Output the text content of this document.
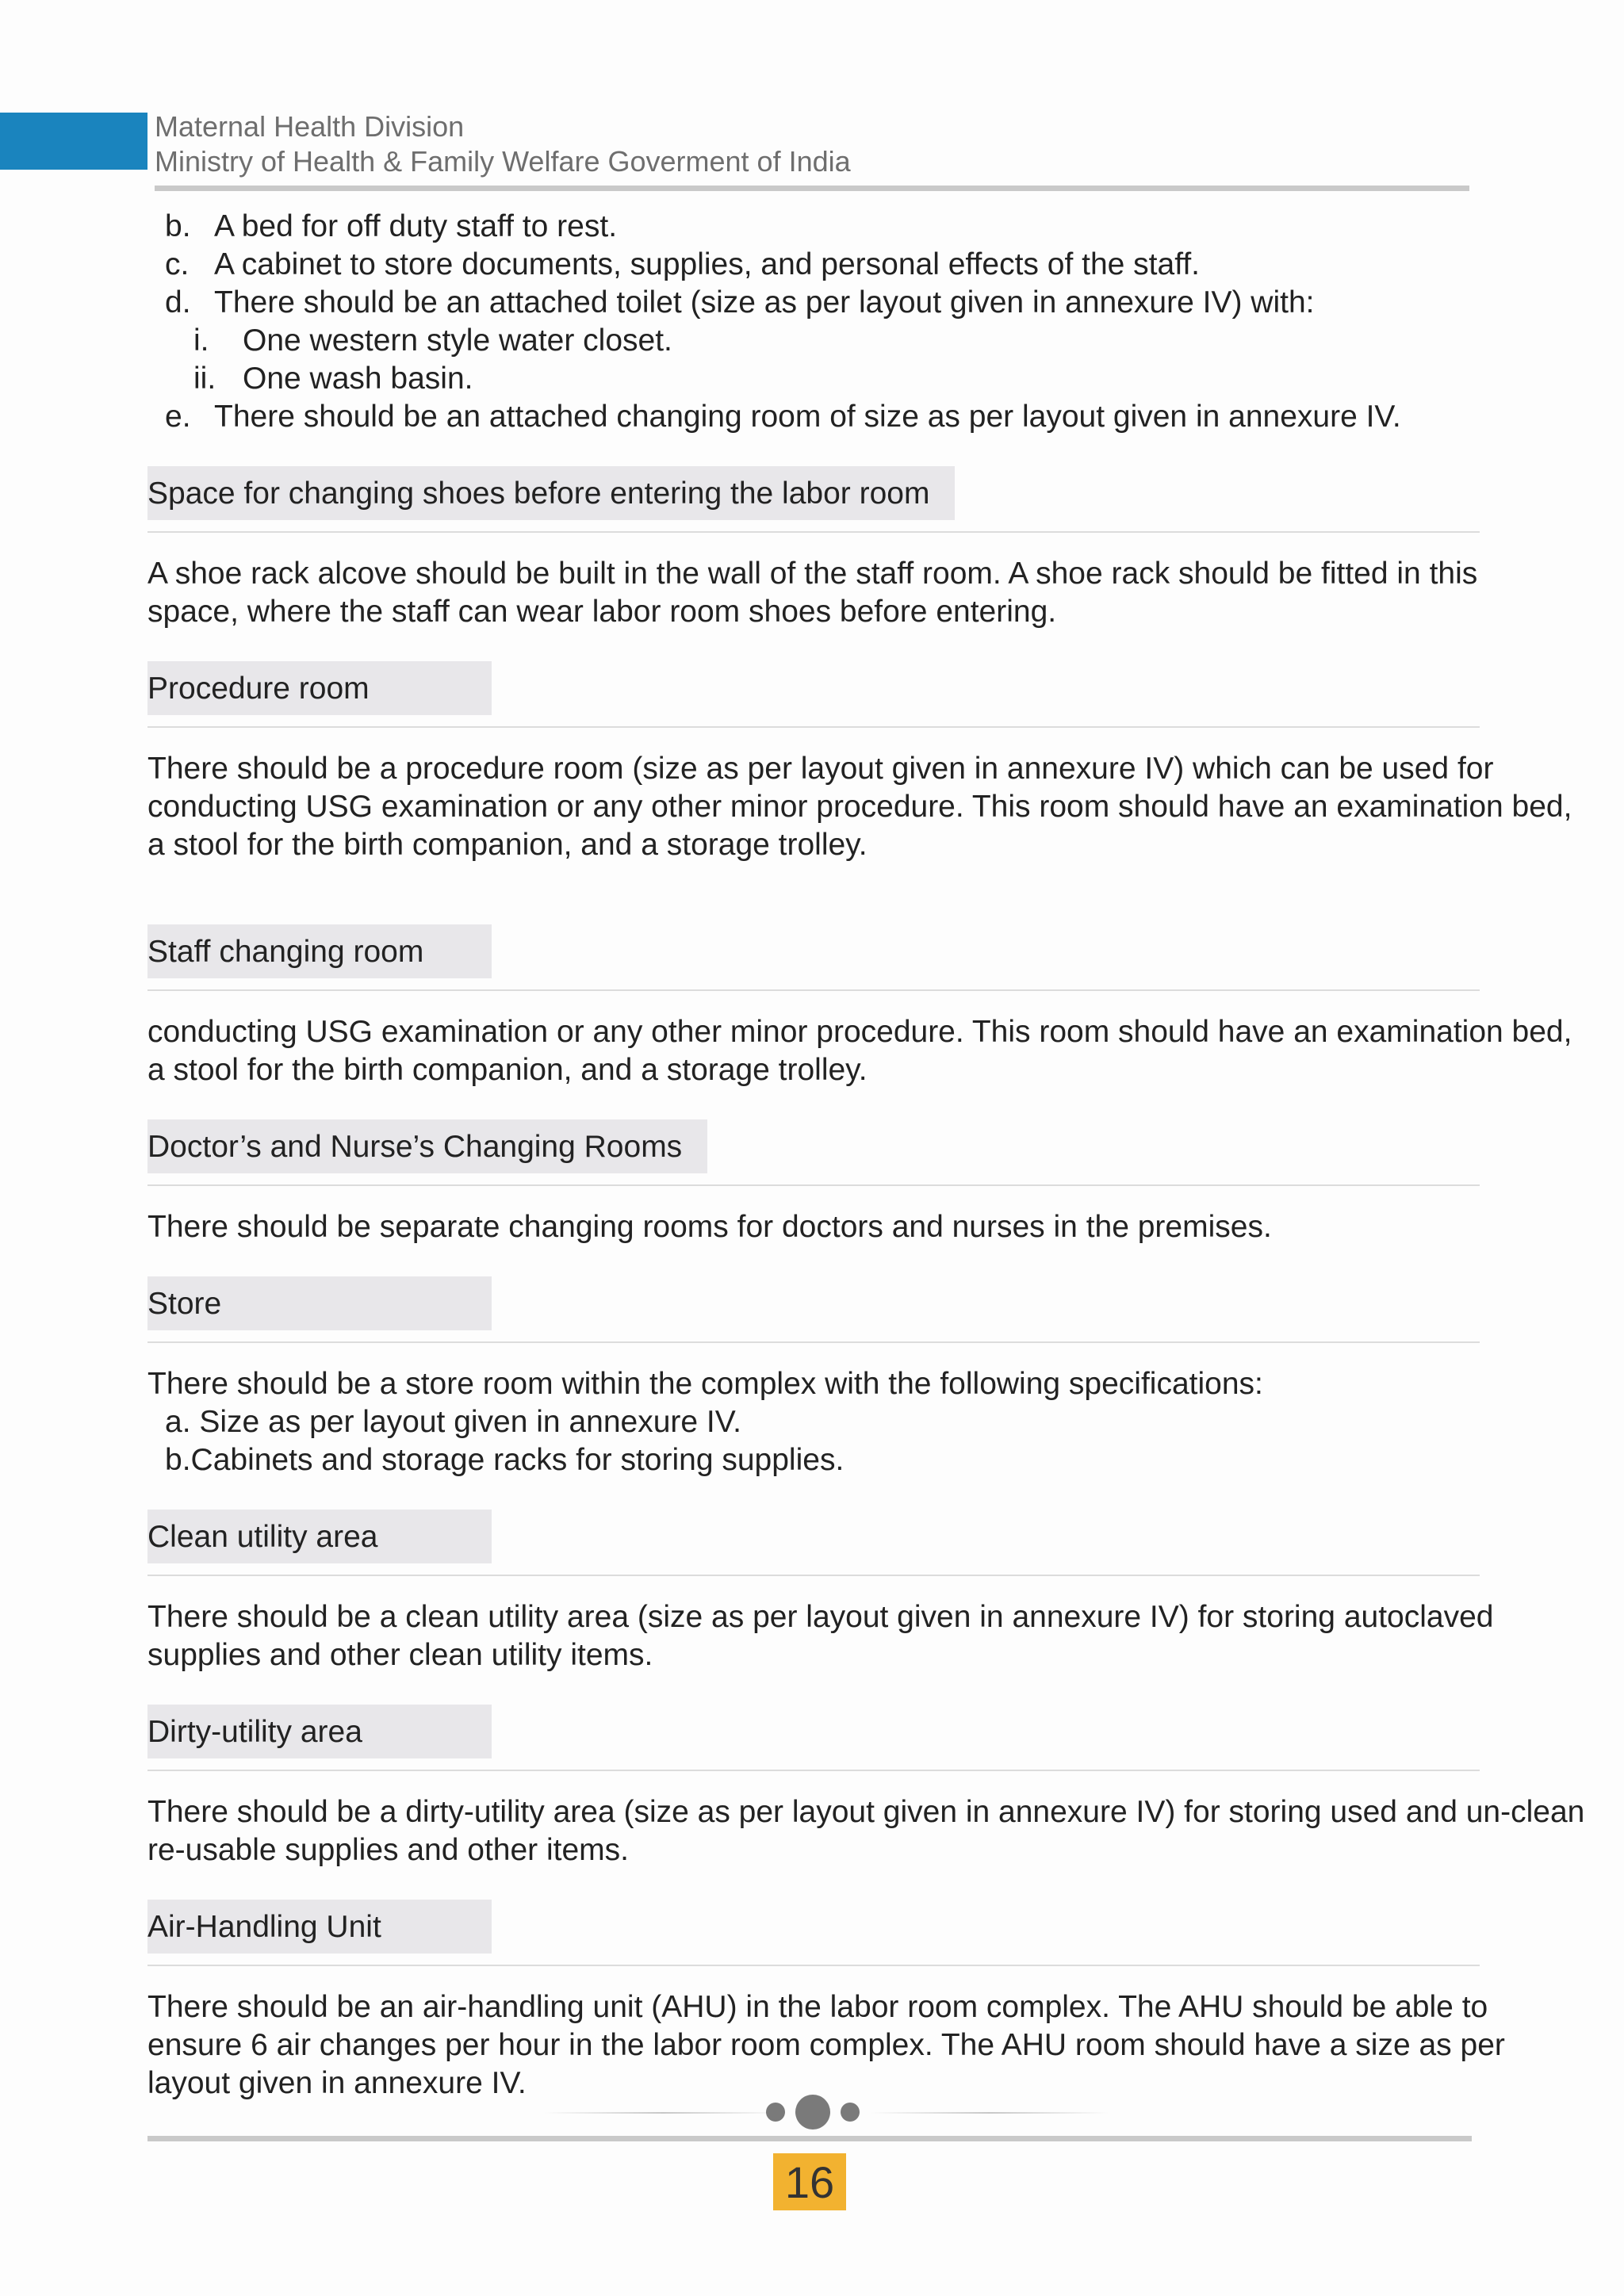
Maternal Health Division
Ministry of Health & Family Welfare Goverment of India
b. A bed for off duty staff to rest.
c. A cabinet to store documents, supplies, and personal effects of the staff.
d. There should be an attached toilet (size as per layout given in annexure IV) with:
i. One western style water closet.
ii. One wash basin.
e. There should be an attached changing room of size as per layout given in annexure IV.
Space for changing shoes before entering the labor room
A shoe rack alcove should be built in the wall of the staff room. A shoe rack should be fitted in this
space, where the staff can wear labor room shoes before entering.
Procedure room
There should be a procedure room (size as per layout given in annexure IV) which can be used for
conducting USG examination or any other minor procedure. This room should have an examination bed,
a stool for the birth companion, and a storage trolley.
Staff changing room
conducting USG examination or any other minor procedure. This room should have an examination bed,
a stool for the birth companion, and a storage trolley.
Doctor’s and Nurse’s Changing Rooms
There should be separate changing rooms for doctors and nurses in the premises.
Store
There should be a store room within the complex with the following specifications:
a. Size as per layout given in annexure IV.
b.Cabinets and storage racks for storing supplies.
Clean utility area
There should be a clean utility area (size as per layout given in annexure IV) for storing autoclaved
supplies and other clean utility items.
Dirty-utility area
There should be a dirty-utility area (size as per layout given in annexure IV) for storing used and un-clean
re-usable supplies and other items.
Air-Handling Unit
There should be an air-handling unit (AHU) in the labor room complex. The AHU should be able to
ensure 6 air changes per hour in the labor room complex. The AHU room should have a size as per
layout given in annexure IV.
16
